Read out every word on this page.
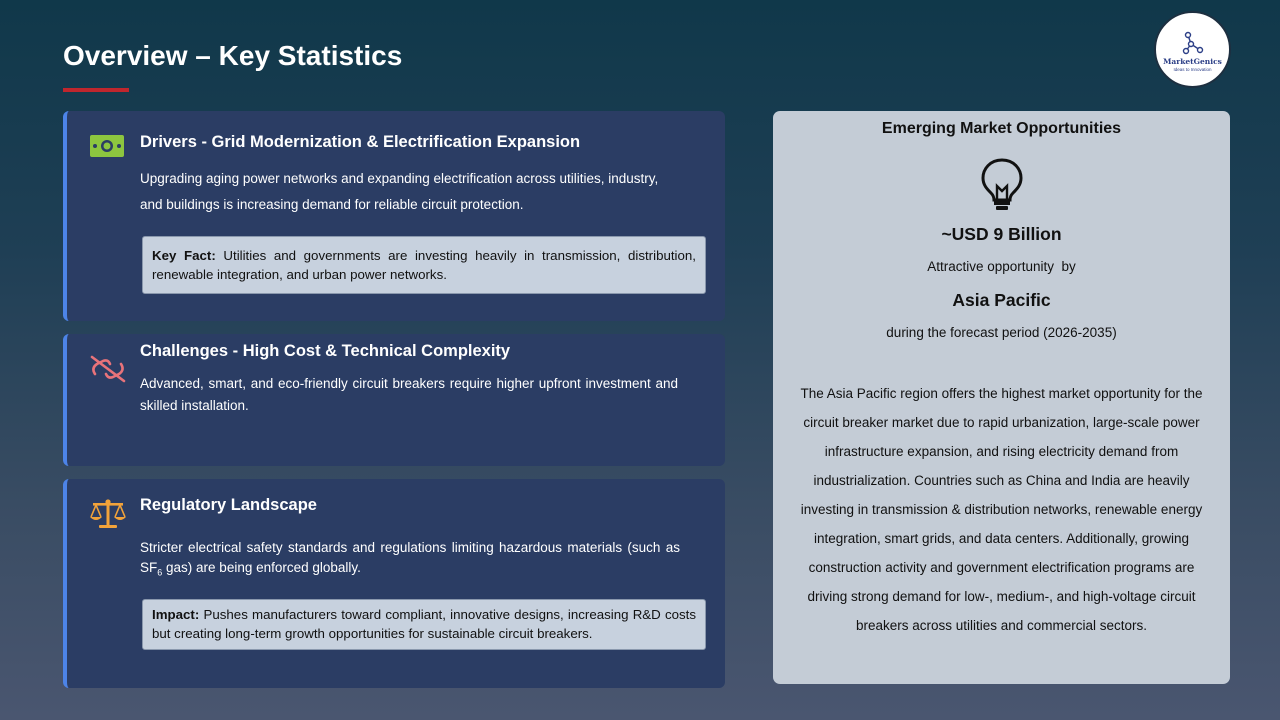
Overview – Key Statistics	MarketGenics
Ideas to Innovation
Drivers - Grid Modernization & Electrification Expansion
Upgrading aging power networks and expanding electrification across utilities, industry,
and buildings is increasing demand for reliable circuit protection.
Key Fact: Utilities and governments are investing heavily in transmission, distribution, renewable integration, and urban power networks.
Challenges - High Cost & Technical Complexity
Advanced, smart, and eco-friendly circuit breakers require higher upfront investment and skilled installation.
Regulatory Landscape
Stricter electrical safety standards and regulations limiting hazardous materials (such as $SF_6$ gas) are being enforced globally.
Impact: Pushes manufacturers toward compliant, innovative designs, increasing R&D costs but creating long-term growth opportunities for sustainable circuit breakers.
Emerging Market Opportunities
~USD 9 Billion
Attractive opportunity  by
Asia Pacific
during the forecast period (2026-2035)
The Asia Pacific region offers the highest market opportunity for the circuit breaker market due to rapid urbanization, large-scale power infrastructure expansion, and rising electricity demand from industrialization. Countries such as China and India are heavily investing in transmission & distribution networks, renewable energy integration, smart grids, and data centers. Additionally, growing construction activity and government electrification programs are driving strong demand for low-, medium-, and high-voltage circuit breakers across utilities and commercial sectors.
